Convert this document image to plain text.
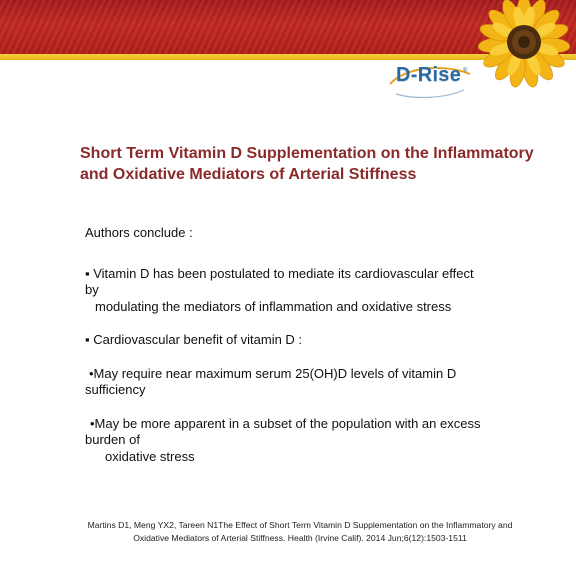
D-Rise ®
Short Term Vitamin D Supplementation on the Inflammatory
and Oxidative Mediators of Arterial Stiffness

Authors conclude :

▪ Vitamin D has been postulated to mediate its cardiovascular effect

by

modulating the mediators of inflammation and oxidative stress

▪ Cardiovascular benefit of vitamin D :

•May require near maximum serum 25(OH)D levels of vitamin D

sufficiency

•May be more apparent in a subset of the population with an excess

burden of

oxidative stress

Martins D1, Meng YX2, Tareen N1The Effect of Short Term Vitamin D Supplementation on the Inflammatory and
Oxidative Mediators of Arterial Stiffness. Health (Irvine Calif). 2014 Jun;6(12):1503-1511
